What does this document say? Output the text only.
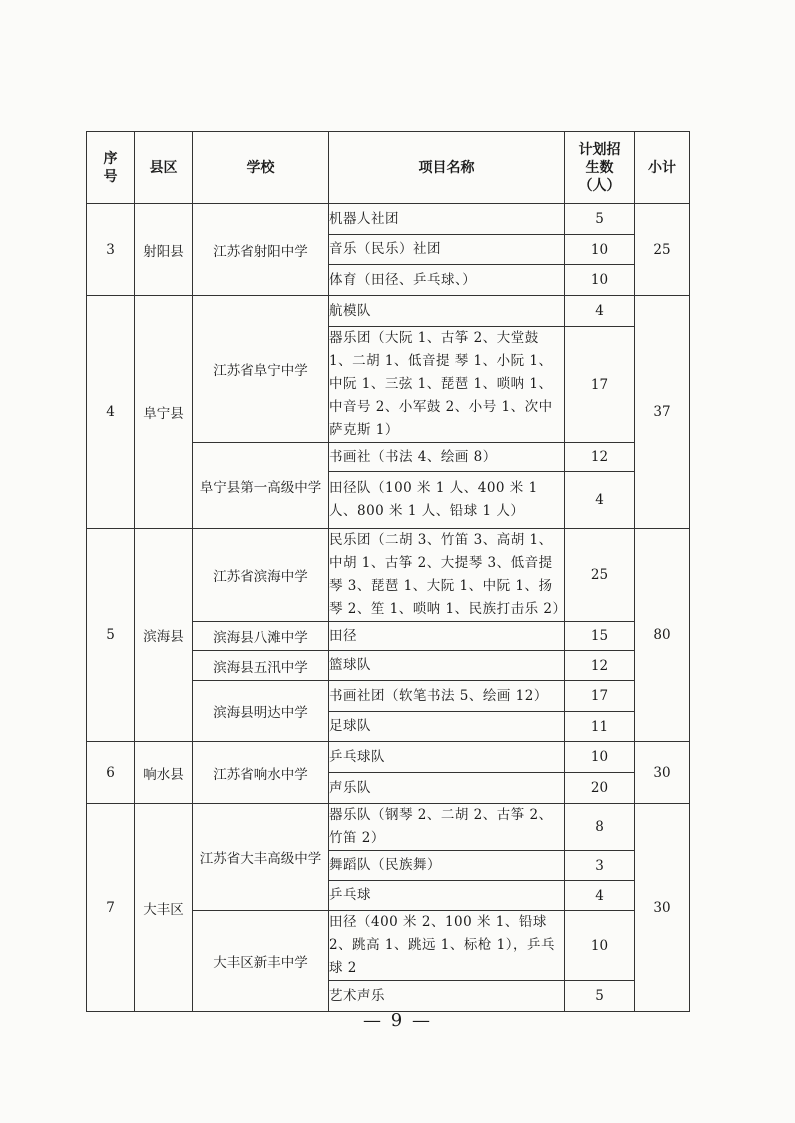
序号	县区	学校	项目名称	计划招生数（人）	小计
3	射阳县	江苏省射阳中学	机器人社团	5	25
			音乐（民乐）社团	10	
			体育（田径、乒乓球、）	10	
4	阜宁县	江苏省阜宁中学	航模队	4	37
			器乐团（大阮 1、古筝 2、大堂鼓 1、二胡 1、低音提 琴 1、小阮 1、中阮 1、三弦 1、琵琶 1、唢呐 1、中音号 2、小军鼓 2、小号 1、次中萨克斯 1）	17	
		阜宁县第一高级中学	书画社（书法 4、绘画 8）	12	
			田径队（100 米 1 人、400 米 1 人、800 米 1 人、铅球 1 人）	4	
5	滨海县	江苏省滨海中学	民乐团（二胡 3、竹笛 3、高胡 1、中胡 1、古筝 2、大提琴 3、低音提琴 3、琵琶 1、大阮 1、中阮 1、扬琴 2、笙 1、唢呐 1、民族打击乐 2）	25	80
		滨海县八滩中学	田径	15	
		滨海县五汛中学	篮球队	12	
		滨海县明达中学	书画社团（软笔书法 5、绘画 12）	17	
			足球队	11	
6	响水县	江苏省响水中学	乒乓球队	10	30
			声乐队	20	
7	大丰区	江苏省大丰高级中学	器乐队（钢琴 2、二胡 2、古筝 2、竹笛 2）	8	30
			舞蹈队（民族舞）	3	
			乒乓球	4	
		大丰区新丰中学	田径（400 米 2、100 米 1、铅球 2、跳高 1、跳远 1、标枪 1），乒乓球 2	10	
			艺术声乐	5	
— 9 —
